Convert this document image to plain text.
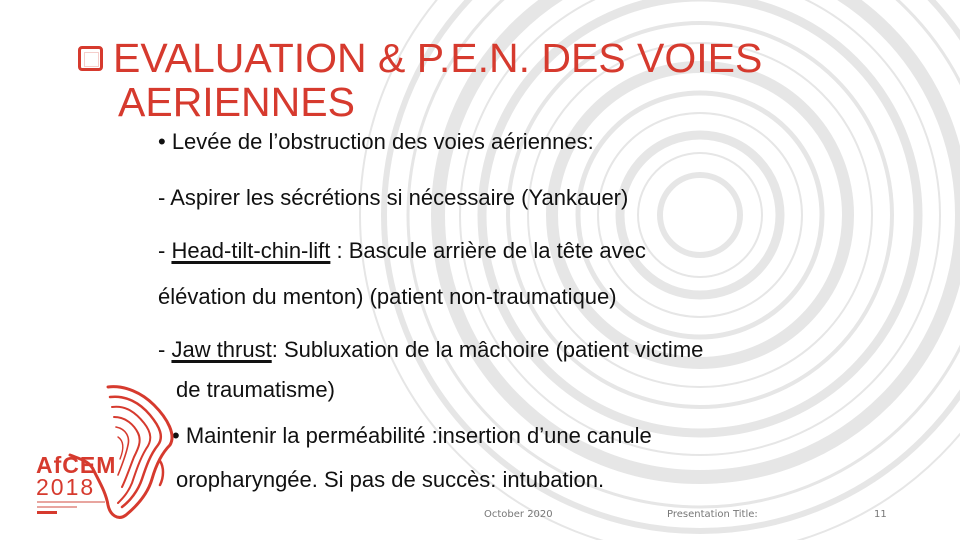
EVALUATION & P.E.N. DES VOIES
AERIENNES
• Levée de l’obstruction des voies aériennes:
- Aspirer les sécrétions si nécessaire (Yankauer)
- Head-tilt-chin-lift : Bascule arrière de la tête avec
élévation du menton) (patient non-traumatique)
- Jaw thrust: Subluxation de la mâchoire (patient victime
de traumatisme)
• Maintenir la perméabilité :insertion d’une canule
oropharyngée. Si pas de succès: intubation.
AfCEM
2018
October 2020	Presentation Title:	11
